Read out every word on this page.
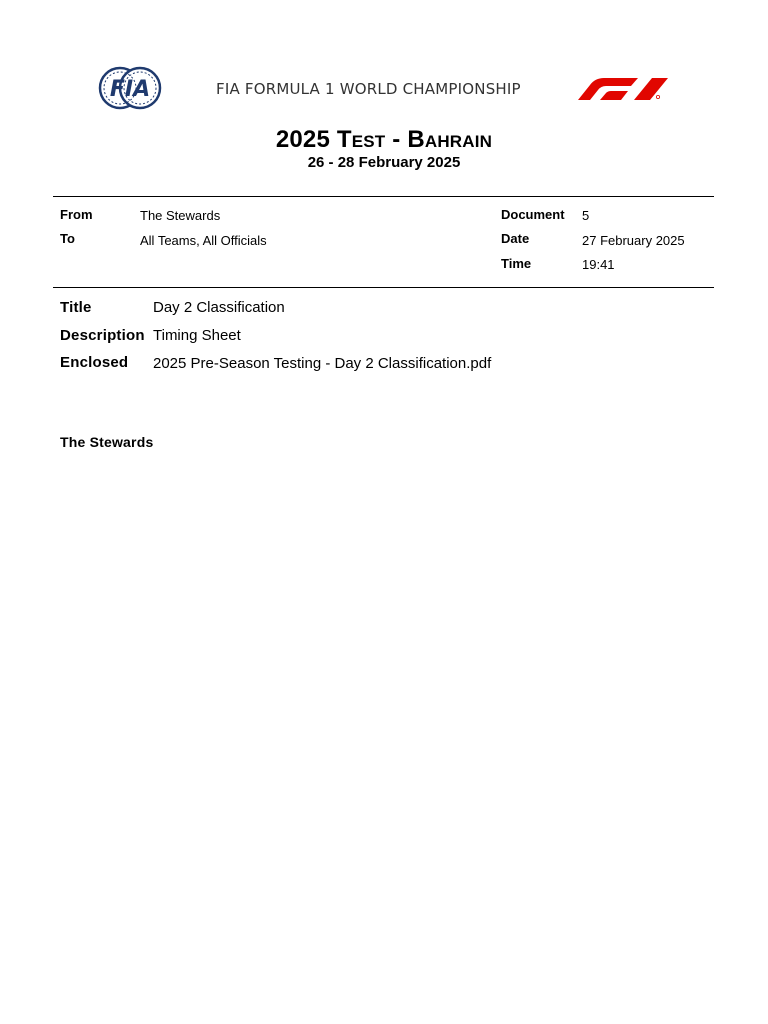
FIA	FIA FORMULA 1 WORLD CHAMPIONSHIP
2025 Test - Bahrain
26 - 28 February 2025
From	The Stewards
To	All Teams, All Officials
Document 5
Date	27 February 2025
Time	19:41
Title	Day 2 Classification
Description Timing Sheet
Enclosed 2025 Pre-Season Testing - Day 2 Classification.pdf
The Stewards
